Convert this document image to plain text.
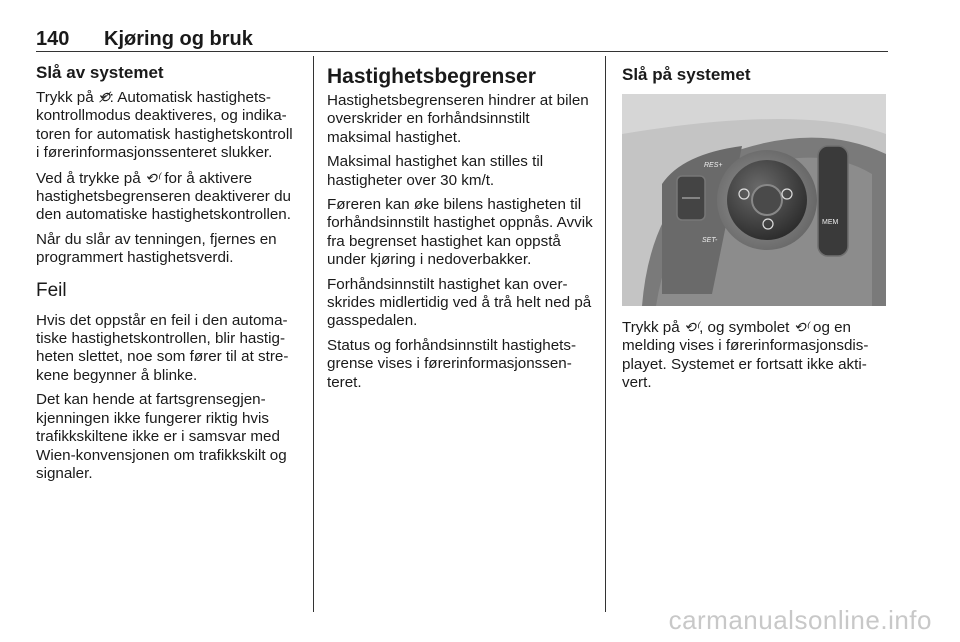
140 Kjøring og bruk
Slå av systemet

Trykk på ⟲̸: Automatisk hastighetskontrollmodus deaktiveres, og indikatoren for automatisk hastighetskontroll i førerinformasjonssenteret slukker.

Ved å trykke på ⟲⁽ for å aktivere hastighetsbegrenseren deaktiverer du den automatiske hastighetskontrollen.

Når du slår av tenningen, fjernes en programmert hastighetsverdi.

Feil

Hvis det oppstår en feil i den automatiske hastighetskontrollen, blir hastigheten slettet, noe som fører til at strekene begynner å blinke.

Det kan hende at fartsgrensegjenkjenningen ikke fungerer riktig hvis trafikkskiltene ikke er i samsvar med Wien-konvensjonen om trafikkskilt og signaler.

Hastighetsbegrenser

Hastighetsbegrenseren hindrer at bilen overskrider en forhåndsinnstilt maksimal hastighet.

Maksimal hastighet kan stilles til hastigheter over 30 km/t.

Føreren kan øke bilens hastigheten til forhåndsinnstilt hastighet oppnås. Avvik fra begrenset hastighet kan oppstå under kjøring i nedoverbakker.

Forhåndsinnstilt hastighet kan overskrides midlertidig ved å trå helt ned på gasspedalen.

Status og forhåndsinnstilt hastighetsgrense vises i førerinformasjonssenteret.

Slå på systemet
RES+
SET-
MEM

Trykk på ⟲⁽, og symbolet ⟲⁽ og en melding vises i førerinformasjonsdisplayet. Systemet er fortsatt ikke aktivert.

carmanualsonline.info
